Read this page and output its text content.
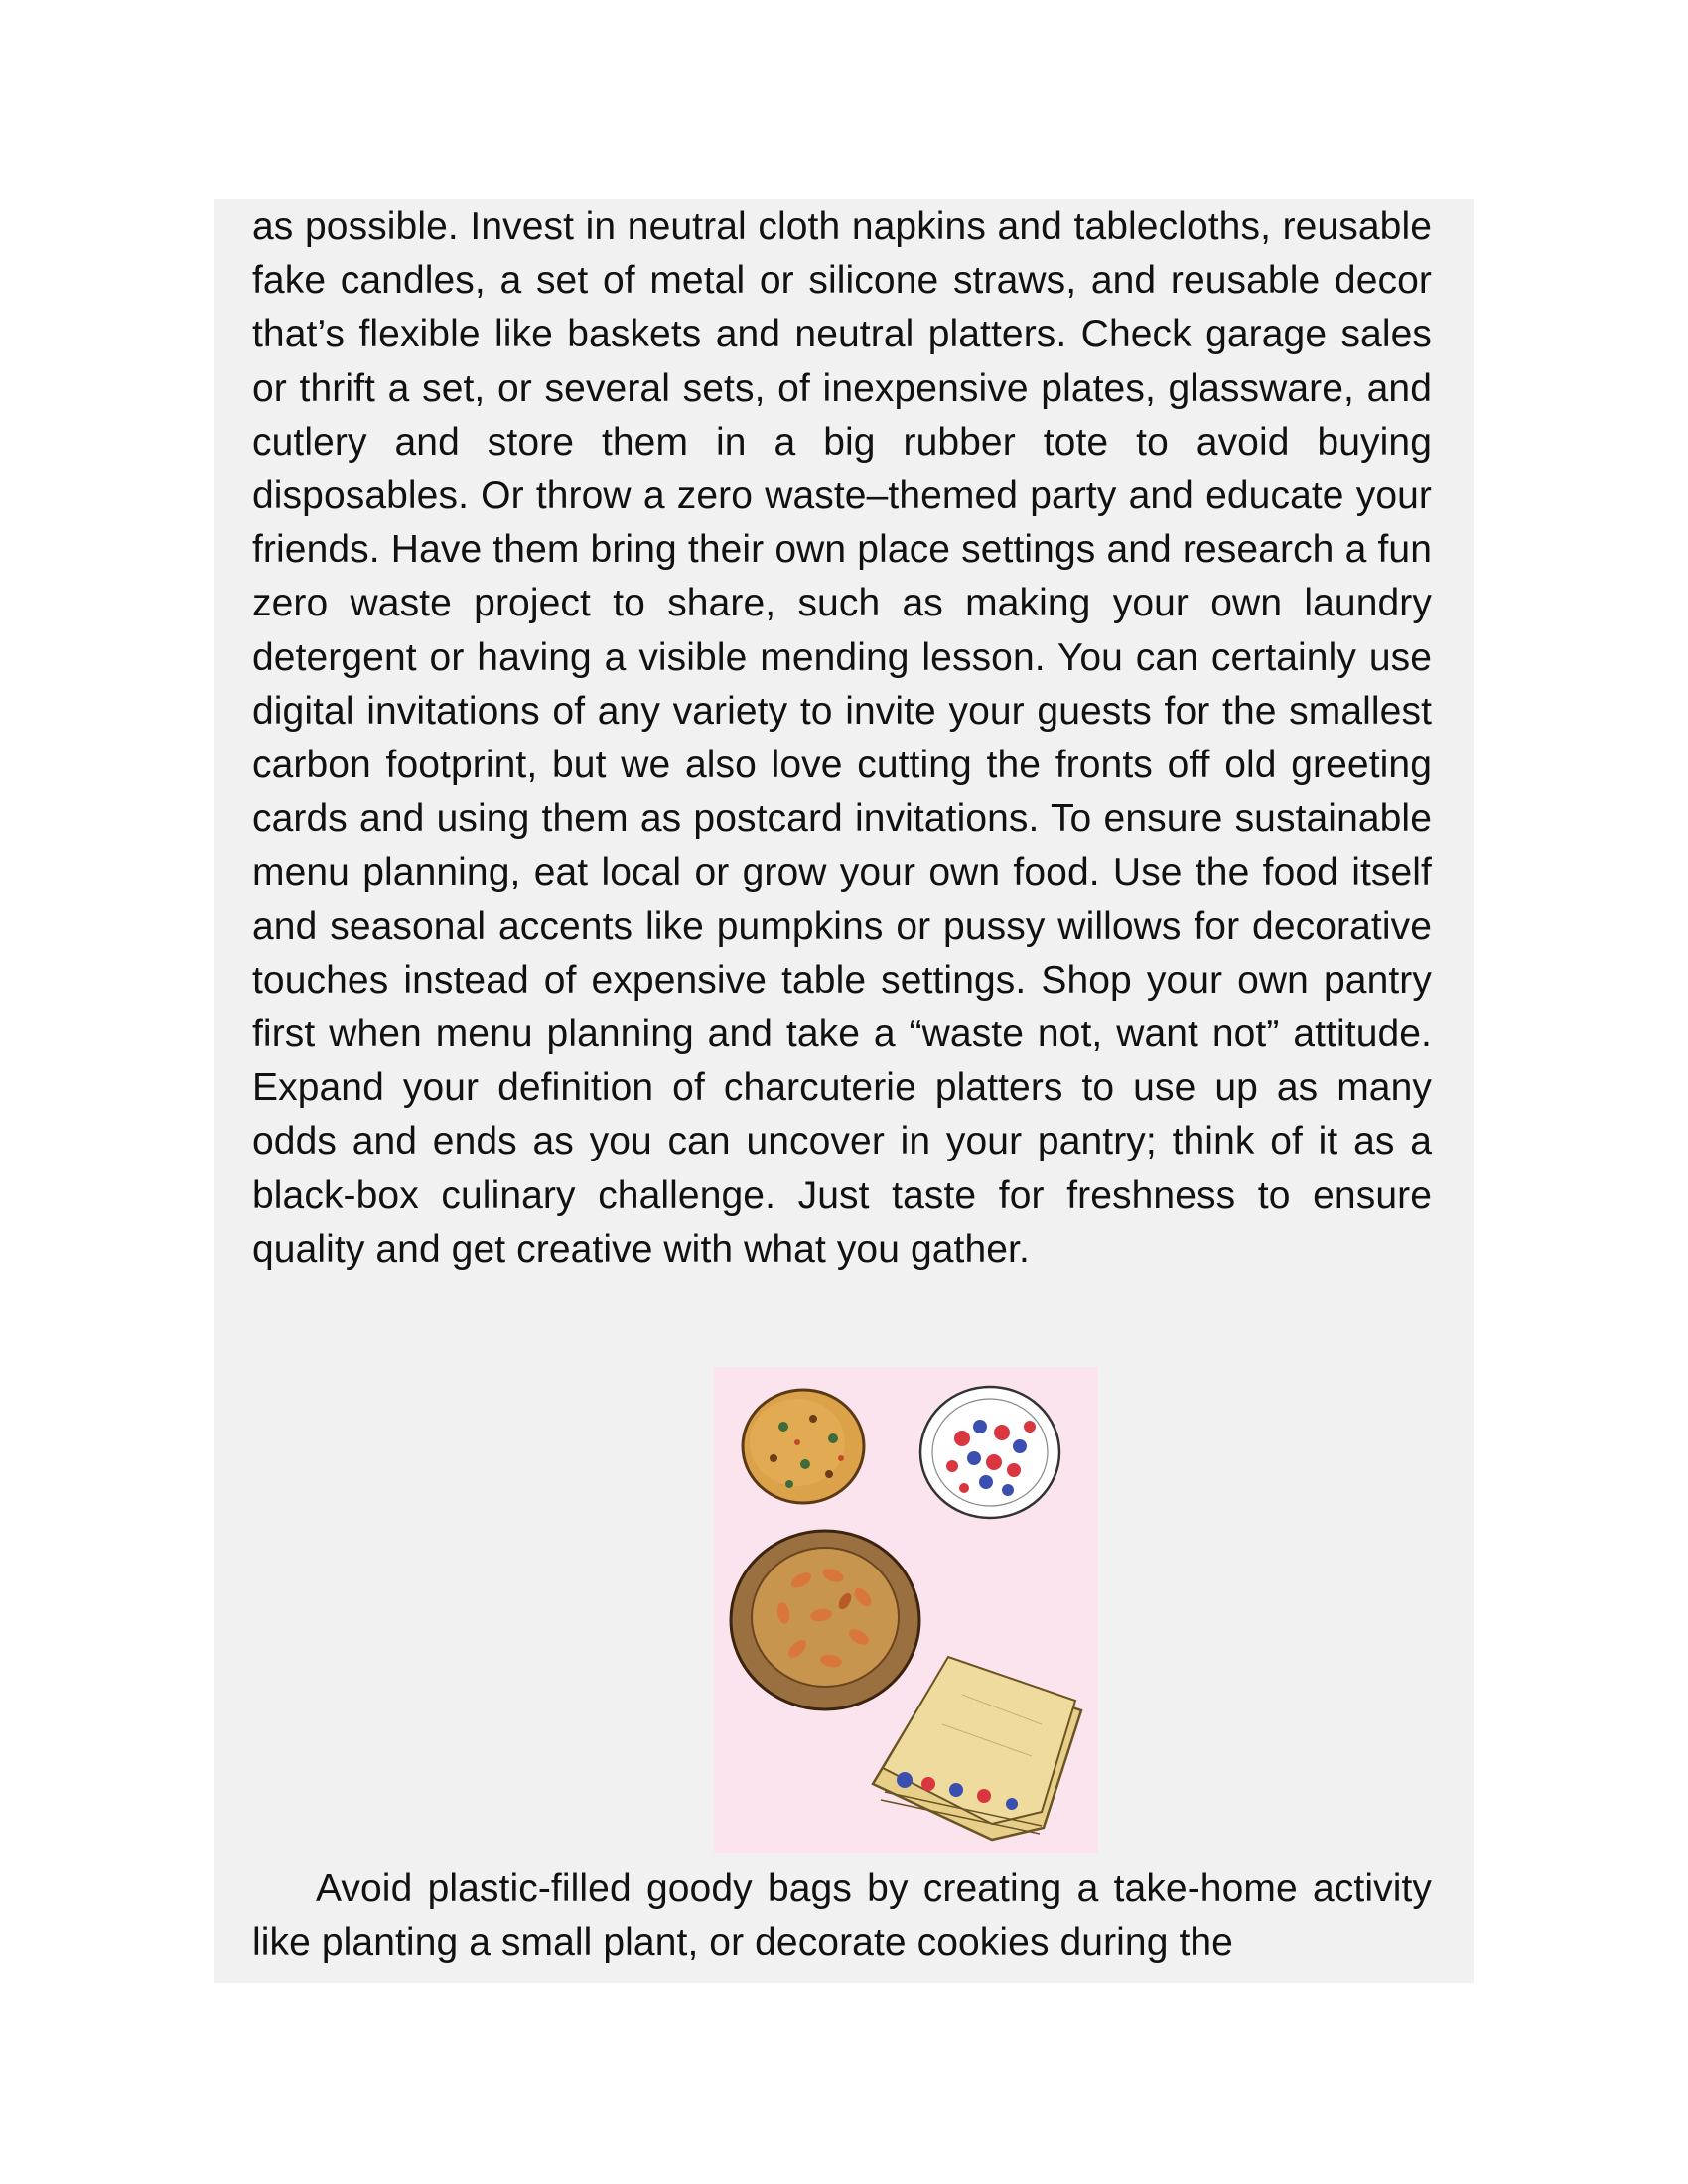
as possible. Invest in neutral cloth napkins and tablecloths, reusable fake candles, a set of metal or silicone straws, and reusable decor that’s flexible like baskets and neutral platters. Check garage sales or thrift a set, or several sets, of inexpensive plates, glassware, and cutlery and store them in a big rubber tote to avoid buying disposables. Or throw a zero waste–themed party and educate your friends. Have them bring their own place settings and research a fun zero waste project to share, such as making your own laundry detergent or having a visible mending lesson. You can certainly use digital invitations of any variety to invite your guests for the smallest carbon footprint, but we also love cutting the fronts off old greeting cards and using them as postcard invitations. To ensure sustainable menu planning, eat local or grow your own food. Use the food itself and seasonal accents like pumpkins or pussy willows for decorative touches instead of expensive table settings. Shop your own pantry first when menu planning and take a “waste not, want not” attitude. Expand your definition of charcuterie platters to use up as many odds and ends as you can uncover in your pantry; think of it as a black-box culinary challenge. Just taste for freshness to ensure quality and get creative with what you gather.

Avoid plastic-filled goody bags by creating a take-home activity like planting a small plant, or decorate cookies during the
